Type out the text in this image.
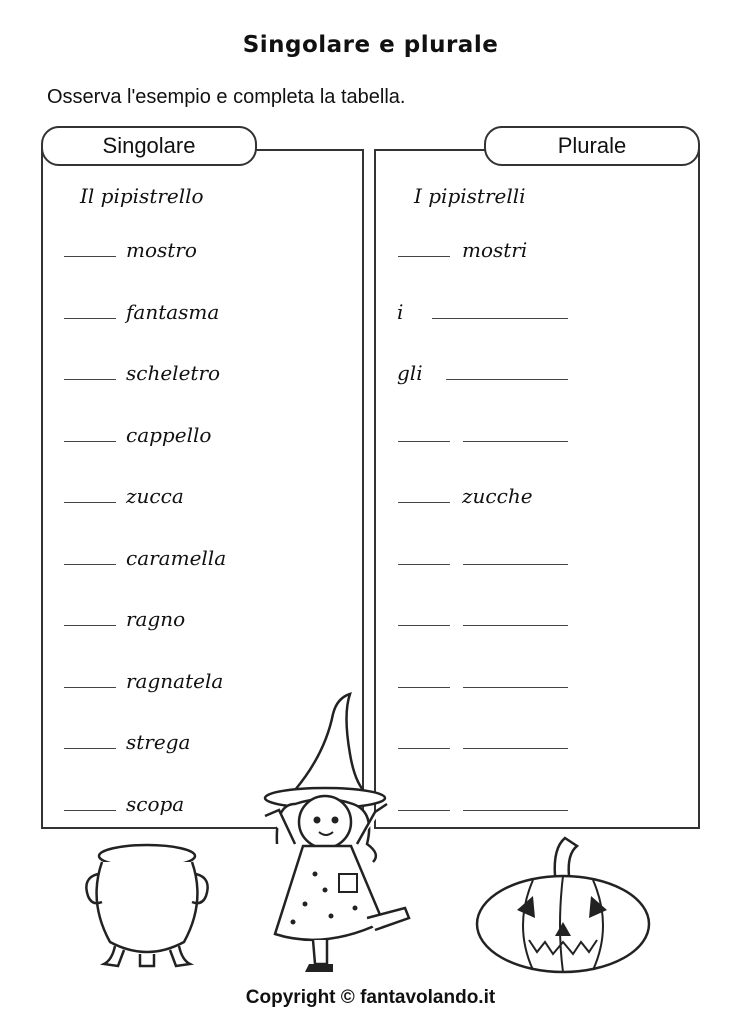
Singolare e plurale
Osserva l'esempio e completa la tabella.
Singolare	Plurale
Il pipistrello	I pipistrelli
mostro
fantasma
scheletro
cappello
zucca
caramella
ragno
ragnatela
strega
scopa
mostri
i
gli
zucche
Copyright © fantavolando.it
